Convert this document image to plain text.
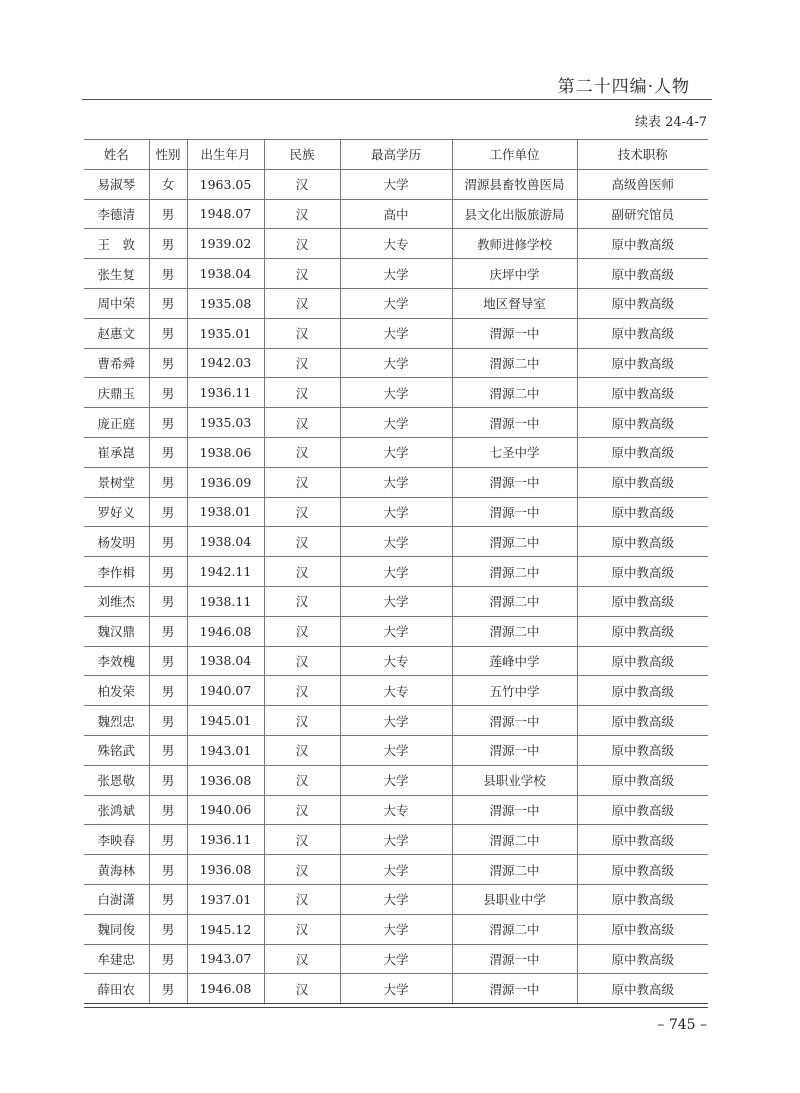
第二十四编·人物
续表 24-4-7
姓名	性别	出生年月	民族	最高学历	工作单位	技术职称
易淑琴	女	1963.05	汉	大学	渭源县畜牧兽医局	高级兽医师
李德清	男	1948.07	汉	高中	县文化出版旅游局	副研究馆员
王　敦	男	1939.02	汉	大专	教师进修学校	原中教高级
张生复	男	1938.04	汉	大学	庆坪中学	原中教高级
周中荣	男	1935.08	汉	大学	地区督导室	原中教高级
赵惠文	男	1935.01	汉	大学	渭源一中	原中教高级
曹希舜	男	1942.03	汉	大学	渭源二中	原中教高级
庆鼎玉	男	1936.11	汉	大学	渭源二中	原中教高级
庞正庭	男	1935.03	汉	大学	渭源一中	原中教高级
崔承崑	男	1938.06	汉	大学	七圣中学	原中教高级
景树堂	男	1936.09	汉	大学	渭源一中	原中教高级
罗好义	男	1938.01	汉	大学	渭源一中	原中教高级
杨发明	男	1938.04	汉	大学	渭源二中	原中教高级
李作楫	男	1942.11	汉	大学	渭源二中	原中教高级
刘维杰	男	1938.11	汉	大学	渭源二中	原中教高级
魏汉鼎	男	1946.08	汉	大学	渭源二中	原中教高级
李效槐	男	1938.04	汉	大专	莲峰中学	原中教高级
柏发荣	男	1940.07	汉	大专	五竹中学	原中教高级
魏烈忠	男	1945.01	汉	大学	渭源一中	原中教高级
殊铭武	男	1943.01	汉	大学	渭源一中	原中教高级
张恩敬	男	1936.08	汉	大学	县职业学校	原中教高级
张鸿斌	男	1940.06	汉	大专	渭源一中	原中教高级
李映春	男	1936.11	汉	大学	渭源二中	原中教高级
黄海林	男	1936.08	汉	大学	渭源二中	原中教高级
白澍潇	男	1937.01	汉	大学	县职业中学	原中教高级
魏同俊	男	1945.12	汉	大学	渭源二中	原中教高级
牟建忠	男	1943.07	汉	大学	渭源一中	原中教高级
薛田农	男	1946.08	汉	大学	渭源一中	原中教高级
– 745 –
